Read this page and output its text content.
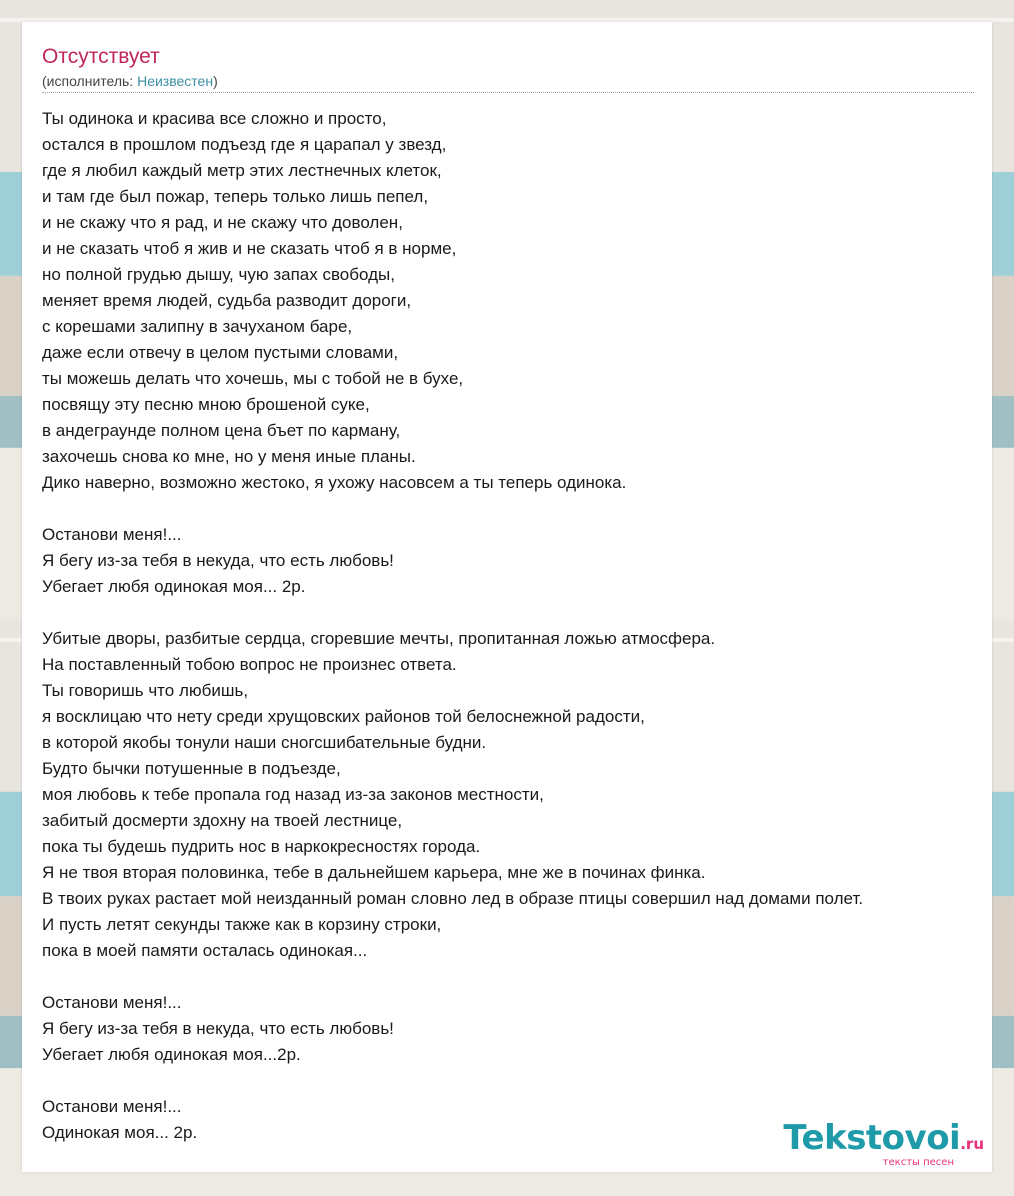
Отсутствует
(исполнитель: Неизвестен)
Ты одинока и красива все сложно и просто,
остался в прошлом подъезд где я царапал у звезд,
где я любил каждый метр этих лестнечных клеток,
и там где был пожар, теперь только лишь пепел,
и не скажу что я рад, и не скажу что доволен,
и не сказать чтоб я жив и не сказать чтоб я в норме,
но полной грудью дышу, чую запах свободы,
меняет время людей, судьба разводит дороги,
с корешами залипну в зачуханом баре,
даже если отвечу в целом пустыми словами,
ты можешь делать что хочешь, мы с тобой не в бухе,
посвящу эту песню мною брошеной суке,
в андеграунде полном цена бъет по карману,
захочешь снова ко мне, но у меня иные планы.
Дико наверно, возможно жестоко, я ухожу насовсем а ты теперь одинока.
Останови меня!...
Я бегу из-за тебя в некуда, что есть любовь!
Убегает любя одинокая моя... 2р.
Убитые дворы, разбитые сердца, сгоревшие мечты, пропитанная ложью атмосфера.
На поставленный тобою вопрос не произнес ответа.
Ты говоришь что любишь,
я восклицаю что нету среди хрущовских районов той белоснежной радости,
в которой якобы тонули наши сногсшибательные будни.
Будто бычки потушенные в подъезде,
моя любовь к тебе пропала год назад из-за законов местности,
забитый досмерти здохну на твоей лестнице,
пока ты будешь пудрить нос в наркокресностях города.
Я не твоя вторая половинка, тебе в дальнейшем карьера, мне же в починах финка.
В твоих руках растает мой неизданный роман словно лед в образе птицы совершил над домами полет.
И пусть летят секунды также как в корзину строки,
пока в моей памяти осталась одинокая...
Останови меня!...
Я бегу из-за тебя в некуда, что есть любовь!
Убегает любя одинокая моя...2р.
Останови меня!...
Одинокая моя... 2р.	Tekstovoi.ru
тексты песен
